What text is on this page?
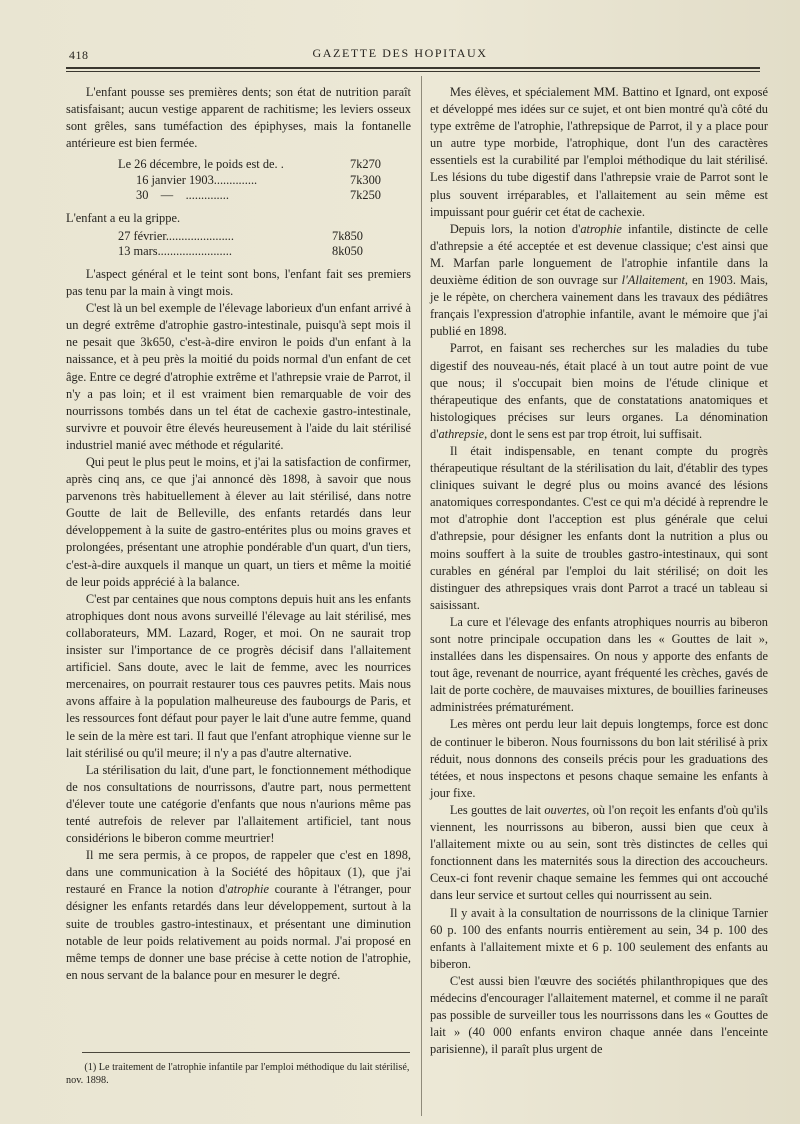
418	GAZETTE DES HOPITAUX

L'enfant pousse ses premières dents; son état de nutrition paraît satisfaisant; aucun vestige apparent de rachitisme; les leviers osseux sont grêles, sans tuméfaction des épiphyses, mais la fontanelle antérieure est bien fermée.

Le 26 décembre, le poids est de. .	7k270
16 janvier 1903..............	7k300
30    —    ..............	7k250

L'enfant a eu la grippe.

27 février......................	7k850
13 mars........................	8k050

L'aspect général et le teint sont bons, l'enfant fait ses premiers pas tenu par la main à vingt mois.

C'est là un bel exemple de l'élevage laborieux d'un enfant arrivé à un degré extrême d'atrophie gastro-intestinale, puisqu'à sept mois il ne pesait que 3k650, c'est-à-dire environ le poids d'un enfant à la naissance, et à peu près la moitié du poids normal d'un enfant de cet âge. Entre ce degré d'atrophie extrême et l'athrepsie vraie de Parrot, il n'y a pas loin; et il est vraiment bien remarquable de voir des nourrissons tombés dans un tel état de cachexie gastro-intestinale, survivre et pouvoir être élevés heureusement à l'aide du lait stérilisé industriel manié avec méthode et régularité.

Qui peut le plus peut le moins, et j'ai la satisfaction de confirmer, après cinq ans, ce que j'ai annoncé dès 1898, à savoir que nous parvenons très habituellement à élever au lait stérilisé, dans notre Goutte de lait de Belleville, des enfants retardés dans leur développement à la suite de gastro-entérites plus ou moins graves et prolongées, présentant une atrophie pondérable d'un quart, d'un tiers, c'est-à-dire auxquels il manque un quart, un tiers et même la moitié de leur poids apprécié à la balance.

C'est par centaines que nous comptons depuis huit ans les enfants atrophiques dont nous avons surveillé l'élevage au lait stérilisé, mes collaborateurs, MM. Lazard, Roger, et moi. On ne saurait trop insister sur l'importance de ce progrès décisif dans l'allaitement artificiel. Sans doute, avec le lait de femme, avec les nourrices mercenaires, on pourrait restaurer tous ces pauvres petits. Mais nous avons affaire à la population malheureuse des faubourgs de Paris, et les ressources font défaut pour payer le lait d'une autre femme, quand le sein de la mère est tari. Il faut que l'enfant atrophique vienne sur le lait stérilisé ou qu'il meure; il n'y a pas d'autre alternative.

La stérilisation du lait, d'une part, le fonctionnement méthodique de nos consultations de nourrissons, d'autre part, nous permettent d'élever toute une catégorie d'enfants que nous n'aurions même pas tenté autrefois de relever par l'allaitement artificiel, tant nous considérions le biberon comme meurtrier!

Il me sera permis, à ce propos, de rappeler que c'est en 1898, dans une communication à la Société des hôpitaux (1), que j'ai restauré en France la notion d'atrophie courante à l'étranger, pour désigner les enfants retardés dans leur développement, surtout à la suite de troubles gastro-intestinaux, et présentant une diminution notable de leur poids relativement au poids normal. J'ai proposé en même temps de donner une base précise à cette notion de l'atrophie, en nous servant de la balance pour en mesurer le degré.

(1) Le traitement de l'atrophie infantile par l'emploi méthodique du lait stérilisé, nov. 1898.

Mes élèves, et spécialement MM. Battino et Ignard, ont exposé et développé mes idées sur ce sujet, et ont bien montré qu'à côté du type extrême de l'atrophie, l'athrepsique de Parrot, il y a place pour un autre type morbide, l'atrophique, dont l'un des caractères essentiels est la curabilité par l'emploi méthodique du lait stérilisé. Les lésions du tube digestif dans l'athrepsie vraie de Parrot sont le plus souvent irréparables, et l'allaitement au sein même est impuissant pour guérir cet état de cachexie.

Depuis lors, la notion d'atrophie infantile, distincte de celle d'athrepsie a été acceptée et est devenue classique; c'est ainsi que M. Marfan parle longuement de l'atrophie infantile dans la deuxième édition de son ouvrage sur l'Allaitement, en 1903. Mais, je le répète, on cherchera vainement dans les travaux des pédiâtres français l'expression d'atrophie infantile, avant le mémoire que j'ai publié en 1898.

Parrot, en faisant ses recherches sur les maladies du tube digestif des nouveau-nés, était placé à un tout autre point de vue que nous; il s'occupait bien moins de l'étude clinique et thérapeutique des enfants, que de constatations anatomiques et histologiques précises sur leurs organes. La dénomination d'athrepsie, dont le sens est par trop étroit, lui suffisait.

Il était indispensable, en tenant compte du progrès thérapeutique résultant de la stérilisation du lait, d'établir des types cliniques suivant le degré plus ou moins avancé des lésions anatomiques correspondantes. C'est ce qui m'a décidé à reprendre le mot d'atrophie dont l'acception est plus générale que celui d'athrepsie, pour désigner les enfants dont la nutrition a plus ou moins souffert à la suite de troubles gastro-intestinaux, qui sont curables en général par l'emploi du lait stérilisé; on doit les distinguer des athrepsiques vrais dont Parrot a tracé un tableau si saisissant.

La cure et l'élevage des enfants atrophiques nourris au biberon sont notre principale occupation dans les « Gouttes de lait », installées dans les dispensaires. On nous y apporte des enfants de tout âge, revenant de nourrice, ayant fréquenté les crèches, gavés de lait de porte cochère, de mauvaises mixtures, de bouillies farineuses administrées prématurément.

Les mères ont perdu leur lait depuis longtemps, force est donc de continuer le biberon. Nous fournissons du bon lait stérilisé à prix réduit, nous donnons des conseils précis pour les graduations des tétées, et nous inspectons et pesons chaque semaine les enfants à jour fixe.

Les gouttes de lait ouvertes, où l'on reçoit les enfants d'où qu'ils viennent, les nourrissons au biberon, aussi bien que ceux à l'allaitement mixte ou au sein, sont très distinctes de celles qui fonctionnent dans les maternités sous la direction des accoucheurs. Ceux-ci font revenir chaque semaine les femmes qui ont accouché dans leur service et surtout celles qui nourrissent au sein.

Il y avait à la consultation de nourrissons de la clinique Tarnier 60 p. 100 des enfants nourris entièrement au sein, 34 p. 100 des enfants à l'allaitement mixte et 6 p. 100 seulement des enfants au biberon.

C'est aussi bien l'œuvre des sociétés philanthropiques que des médecins d'encourager l'allaitement maternel, et comme il ne paraît pas possible de surveiller tous les nourrissons dans les « Gouttes de lait » (40 000 enfants environ chaque année dans l'enceinte parisienne), il paraît plus urgent de
